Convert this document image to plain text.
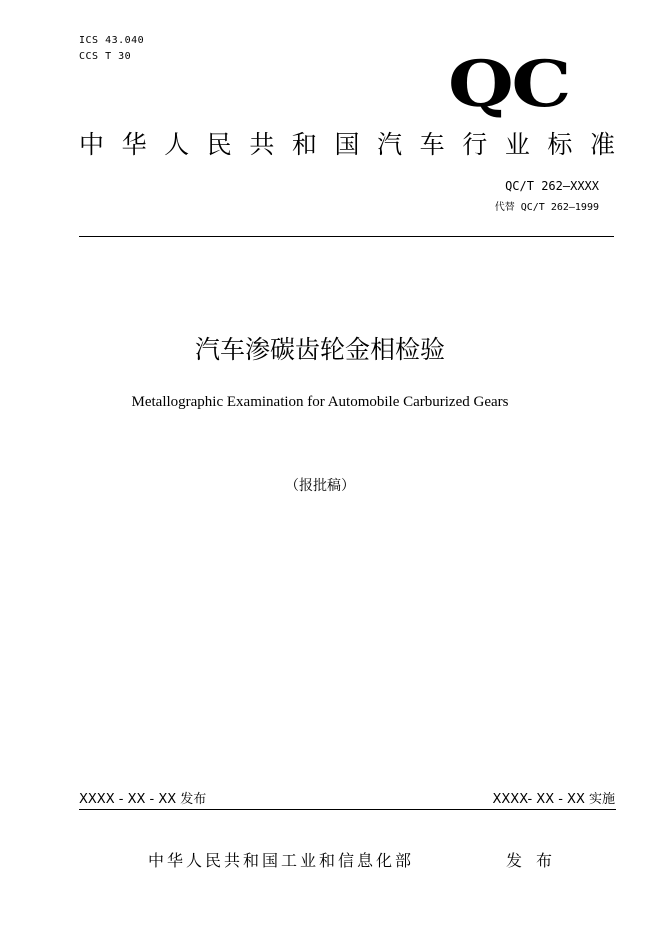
ICS 43.040
CCS T 30	QC
中华人民共和国汽车行业标准
QC/T 262—XXXX
代替 QC/T 262—1999
汽车渗碳齿轮金相检验
Metallographic Examination for Automobile Carburized Gears
（报批稿）
XXXX - XX - XX 发布	XXXX- XX - XX 实施
中华人民共和国工业和信息化部	发布
